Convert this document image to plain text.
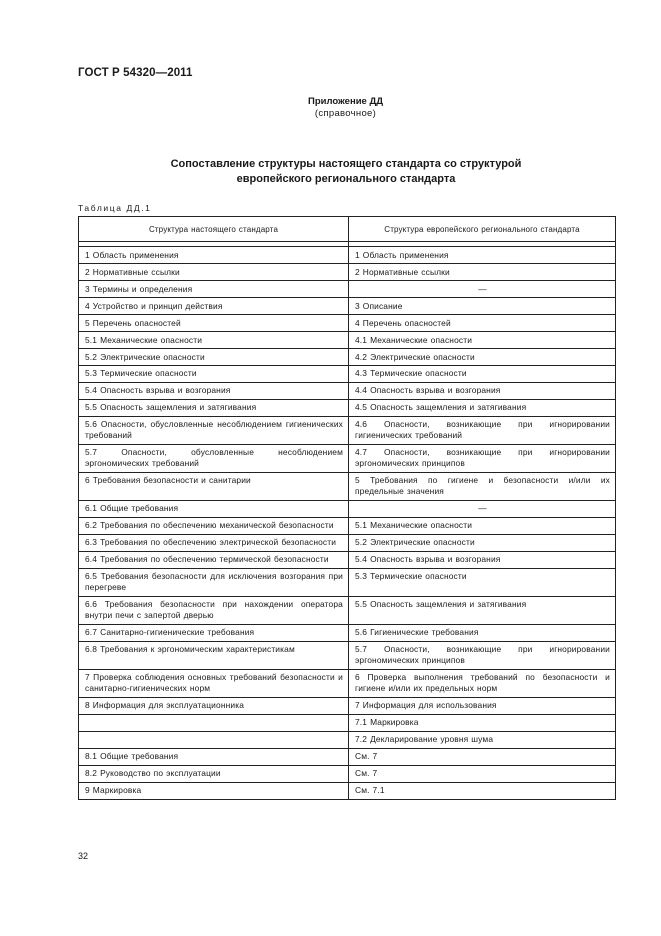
ГОСТ Р 54320—2011
Приложение ДД
(справочное)
Сопоставление структуры настоящего стандарта со структурой
европейского регионального стандарта
Таблица ДД.1
Структура настоящего стандарта	Структура европейского регионального стандарта

1 Область применения	1 Область применения
2 Нормативные ссылки	2 Нормативные ссылки
3 Термины и определения	—
4 Устройство и принцип действия	3 Описание
5 Перечень опасностей	4 Перечень опасностей
5.1 Механические опасности	4.1 Механические опасности
5.2 Электрические опасности	4.2 Электрические опасности
5.3 Термические опасности	4.3 Термические опасности
5.4 Опасность взрыва и возгорания	4.4 Опасность взрыва и возгорания
5.5 Опасность защемления и затягивания	4.5 Опасность защемления и затягивания
5.6 Опасности, обусловленные несоблюдением гигиенических требований	4.6 Опасности, возникающие при игнорировании гигиенических требований
5.7 Опасности, обусловленные несоблюдением эргономических требований	4.7 Опасности, возникающие при игнорировании эргономических принципов
6 Требования безопасности и санитарии	5 Требования по гигиене и безопасности и/или их предельные значения
6.1 Общие требования	—
6.2 Требования по обеспечению механической безопасности	5.1 Механические опасности
6.3 Требования по обеспечению электрической безопасности	5.2 Электрические опасности
6.4 Требования по обеспечению термической безопасности	5.4 Опасность взрыва и возгорания
6.5 Требования безопасности для исключения возгорания при перегреве	5.3 Термические опасности
6.6 Требования безопасности при нахождении оператора внутри печи с запертой дверью	5.5 Опасность защемления и затягивания
6.7 Санитарно-гигиенические требования	5.6 Гигиенические требования
6.8 Требования к эргономическим характеристикам	5.7 Опасности, возникающие при игнорировании эргономических принципов
7 Проверка соблюдения основных требований безопасности и санитарно-гигиенических норм	6 Проверка выполнения требований по безопасности и гигиене и/или их предельных норм
8 Информация для эксплуатационника	7 Информация для использования
	7.1 Маркировка
	7.2 Декларирование уровня шума
8.1 Общие требования	См. 7
8.2 Руководство по эксплуатации	См. 7
9 Маркировка	См. 7.1
32
